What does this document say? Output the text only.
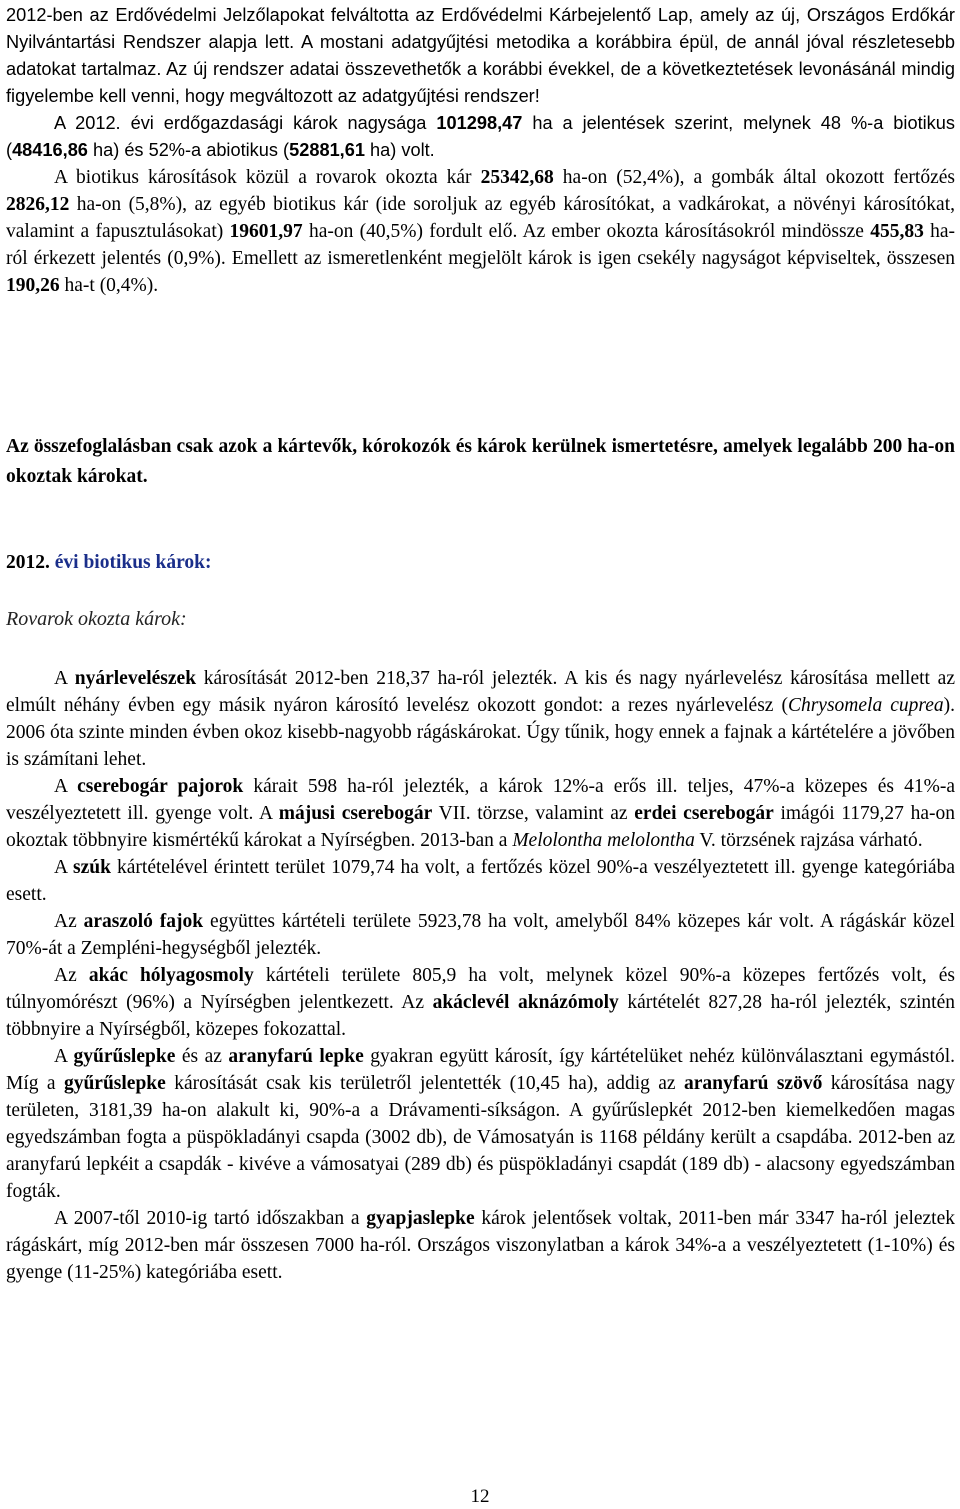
2012-ben az Erdővédelmi Jelzőlapokat felváltotta az Erdővédelmi Kárbejelentő Lap, amely az új, Országos Erdőkár Nyilvántartási Rendszer alapja lett. A mostani adatgyűjtési metodika a korábbira épül, de annál jóval részletesebb adatokat tartalmaz. Az új rendszer adatai összevethetők a korábbi évekkel, de a következtetések levonásánál mindig figyelembe kell venni, hogy megváltozott az adatgyűjtési rendszer!

A 2012. évi erdőgazdasági károk nagysága 101298,47 ha a jelentések szerint, melynek 48 %-a biotikus (48416,86 ha) és 52%-a abiotikus (52881,61 ha) volt.

A biotikus károsítások közül a rovarok okozta kár 25342,68 ha-on (52,4%), a gombák által okozott fertőzés 2826,12 ha-on (5,8%), az egyéb biotikus kár (ide soroljuk az egyéb károsítókat, a vadkárokat, a növényi károsítókat, valamint a fapusztulásokat) 19601,97 ha-on (40,5%) fordult elő. Az ember okozta károsításokról mindössze 455,83 ha-ról érkezett jelentés (0,9%). Emellett az ismeretlenként megjelölt károk is igen csekély nagyságot képviseltek, összesen 190,26 ha-t (0,4%).

Az összefoglalásban csak azok a kártevők, kórokozók és károk kerülnek ismertetésre, amelyek legalább 200 ha-on okoztak károkat.

2012. évi biotikus károk:

Rovarok okozta károk:

A nyárlevelészek károsítását 2012-ben 218,37 ha-ról jelezték. A kis és nagy nyárlevelész károsítása mellett az elmúlt néhány évben egy másik nyáron károsító levelész okozott gondot: a rezes nyárlevelész (Chrysomela cuprea). 2006 óta szinte minden évben okoz kisebb-nagyobb rágáskárokat. Úgy tűnik, hogy ennek a fajnak a kártételére a jövőben is számítani lehet.

A cserebogár pajorok kárait 598 ha-ról jelezték, a károk 12%-a erős ill. teljes, 47%-a közepes és 41%-a veszélyeztetett ill. gyenge volt. A májusi cserebogár VII. törzse, valamint az erdei cserebogár imágói 1179,27 ha-on okoztak többnyire kismértékű károkat a Nyírségben. 2013-ban a Melolontha melolontha V. törzsének rajzása várható.

A szúk kártételével érintett terület 1079,74 ha volt, a fertőzés közel 90%-a veszélyeztetett ill. gyenge kategóriába esett.

Az araszoló fajok együttes kártételi területe 5923,78 ha volt, amelyből 84% közepes kár volt. A rágáskár közel 70%-át a Zempléni-hegységből jelezték.

Az akác hólyagosmoly kártételi területe 805,9 ha volt, melynek közel 90%-a közepes fertőzés volt, és túlnyomórészt (96%) a Nyírségben jelentkezett. Az akáclevél aknázómoly kártételét 827,28 ha-ról jelezték, szintén többnyire a Nyírségből, közepes fokozattal.

A gyűrűslepke és az aranyfarú lepke gyakran együtt károsít, így kártételüket nehéz különválasztani egymástól. Míg a gyűrűslepke károsítását csak kis területről jelentették (10,45 ha), addig az aranyfarú szövő károsítása nagy területen, 3181,39 ha-on alakult ki, 90%-a a Drávamenti-síkságon. A gyűrűslepkét 2012-ben kiemelkedően magas egyedszámban fogta a püspökladányi csapda (3002 db), de Vámosatyán is 1168 példány került a csapdába. 2012-ben az aranyfarú lepkéit a csapdák - kivéve a vámosatyai (289 db) és püspökladányi csapdát (189 db) - alacsony egyedszámban fogták.

A 2007-től 2010-ig tartó időszakban a gyapjaslepke károk jelentősek voltak, 2011-ben már 3347 ha-ról jeleztek rágáskárt, míg 2012-ben már összesen 7000 ha-ról. Országos viszonylatban a károk 34%-a a veszélyeztetett (1-10%) és gyenge (11-25%) kategóriába esett.

12
